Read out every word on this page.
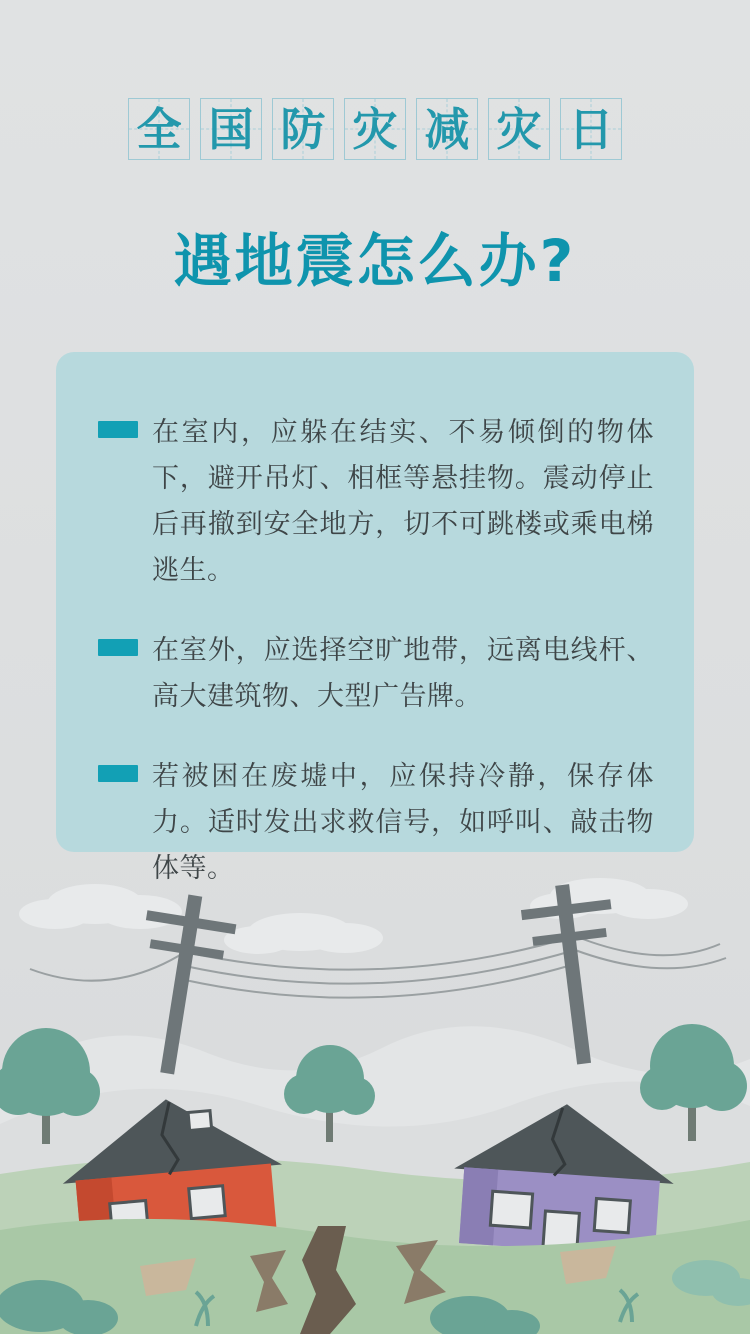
全 国 防 灾 减 灾 日
遇地震怎么办?
在室内，应躲在结实、不易倾倒的物体下，避开吊灯、相框等悬挂物。震动停止后再撤到安全地方，切不可跳楼或乘电梯逃生。
在室外，应选择空旷地带，远离电线杆、高大建筑物、大型广告牌。
若被困在废墟中，应保持冷静，保存体力。适时发出求救信号，如呼叫、敲击物体等。
